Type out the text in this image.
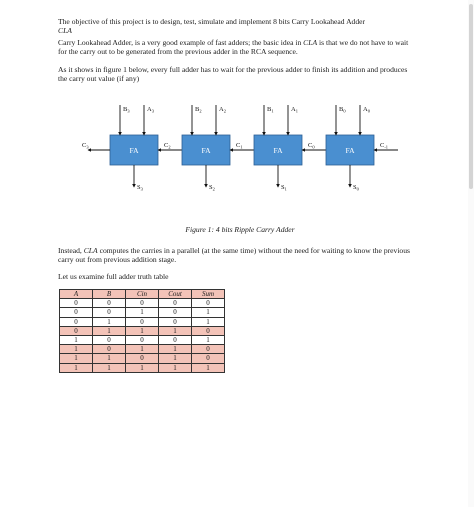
The objective of this project is to design, test, simulate and implement 8 bits Carry Lookahead Adder
CLA
Carry Lookahead Adder, is a very good example of fast adders; the basic idea in CLA is that we do not have to wait for the carry out to be generated from the previous adder in the RCA sequence.
As it shows in figure 1 below, every full adder has to wait for the previous adder to finish its addition and produces the carry out value (if any)
FA
$B_3$	$A_3$
$S_3$
$C_2$	FA
$B_2$	$A_2$
$S_2$
$C_1$	FA
$B_1$	$A_1$
$S_1$
$C_0$	FA
$B_0$	$A_0$
$S_0$
$C_{-1}$
$C_3$
Figure 1: 4 bits Ripple Carry Adder
Instead, CLA computes the carries in a parallel (at the same time) without the need for waiting to know the previous carry out from previous addition stage.
Let us examine full adder truth table
A	B	Cin	Cout	Sum
0	0	0	0	0
0	0	1	0	1
0	1	0	0	1
0	1	1	1	0
1	0	0	0	1
1	0	1	1	0
1	1	0	1	0
1	1	1	1	1
